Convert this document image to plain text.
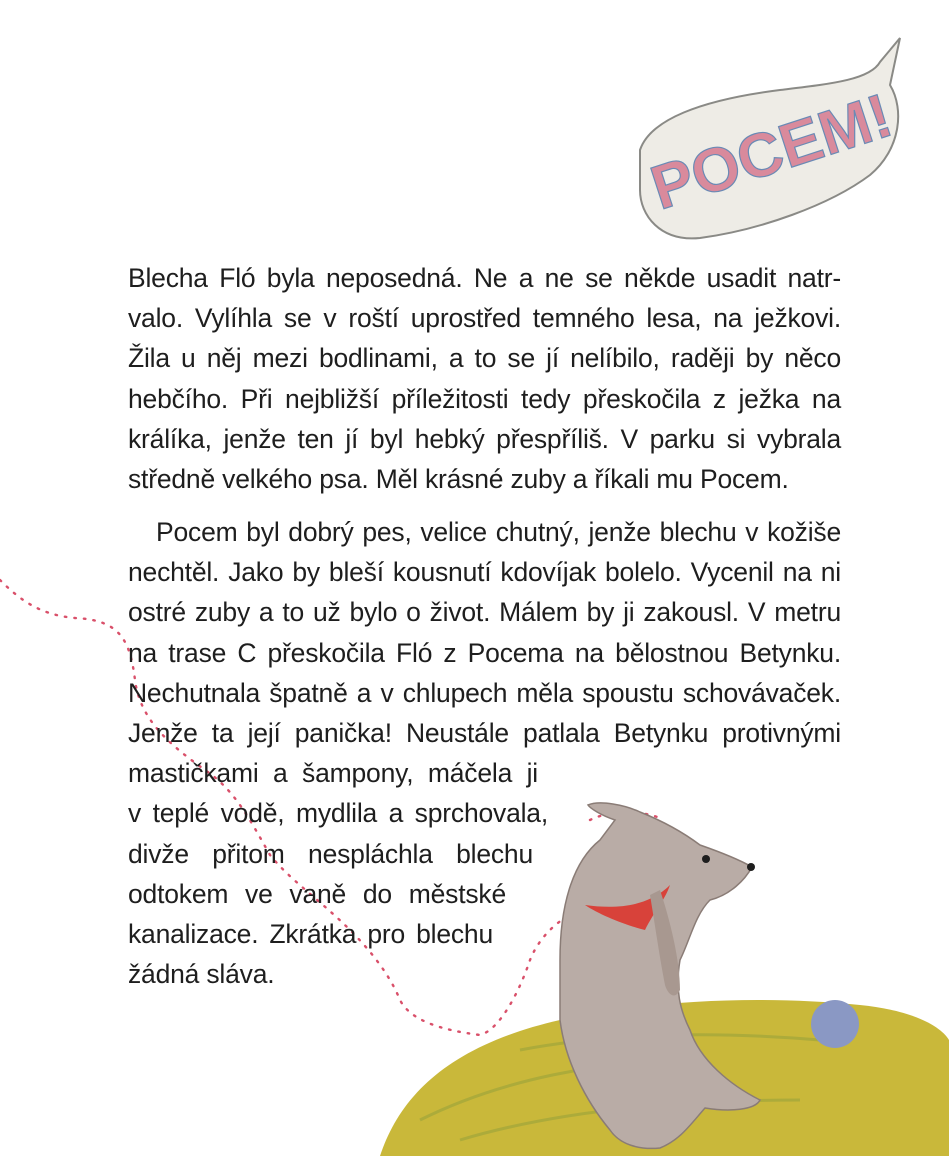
POCEM!
Blecha Fló byla neposedná. Ne a ne se někde usadit natr-
valo. Vylíhla se v roští uprostřed temného lesa, na ježkovi.
Žila u něj mezi bodlinami, a to se jí nelíbilo, raději by něco
hebčího. Při nejbližší příležitosti tedy přeskočila z ježka na
králíka, jenže ten jí byl hebký přespříliš. V parku si vybrala
středně velkého psa. Měl krásné zuby a říkali mu Pocem.
Pocem byl dobrý pes, velice chutný, jenže blechu v kožiše
nechtěl. Jako by bleší kousnutí kdovíjak bolelo. Vycenil na ni
ostré zuby a to už bylo o život. Málem by ji zakousl. V metru
na trase C přeskočila Fló z Pocema na bělostnou Betynku.
Nechutnala špatně a v chlupech měla spoustu schovávaček.
Jenže ta její panička! Neustále patlala Betynku protivnými
mastičkami a šampony, máčela ji
v teplé vodě, mydlila a sprchovala,
divže přitom nespláchla blechu
odtokem ve vaně do městské
kanalizace. Zkrátka pro blechu
žádná sláva.
